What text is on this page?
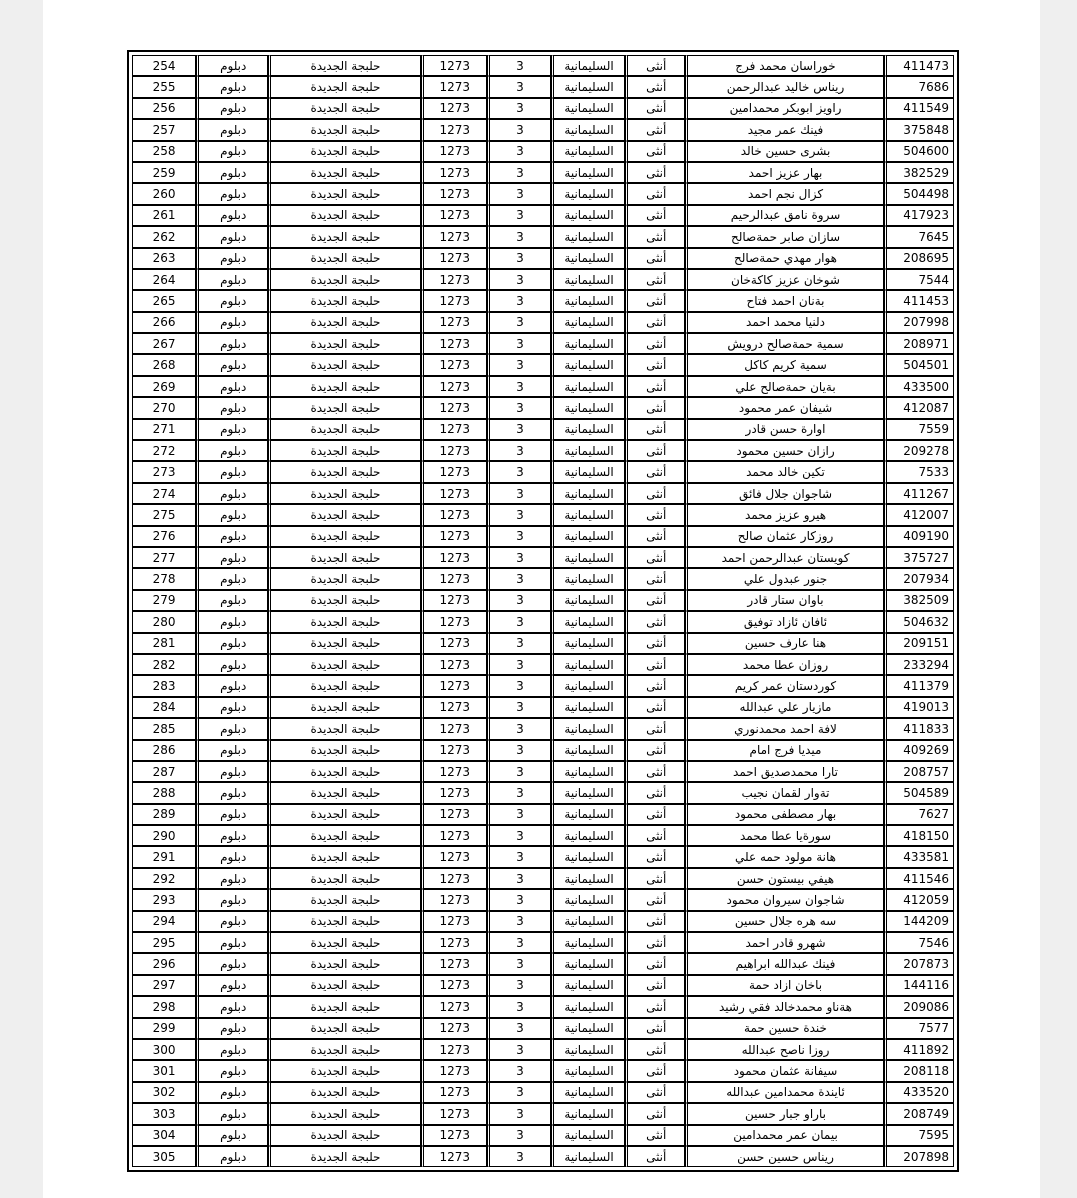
254	دبلوم	حلبجة الجديدة	1273	3	السليمانية	أنثى	خوراسان محمد فرج	411473
255	دبلوم	حلبجة الجديدة	1273	3	السليمانية	أنثى	ريناس خاليد عبدالرحمن	7686
256	دبلوم	حلبجة الجديدة	1273	3	السليمانية	أنثى	راويز ابوبكر محمدامين	411549
257	دبلوم	حلبجة الجديدة	1273	3	السليمانية	أنثى	فينك عمر مجيد	375848
258	دبلوم	حلبجة الجديدة	1273	3	السليمانية	أنثى	بشرى حسين خالد	504600
259	دبلوم	حلبجة الجديدة	1273	3	السليمانية	أنثى	بهار عزيز احمد	382529
260	دبلوم	حلبجة الجديدة	1273	3	السليمانية	أنثى	كزال نجم احمد	504498
261	دبلوم	حلبجة الجديدة	1273	3	السليمانية	أنثى	سروة نامق عبدالرحيم	417923
262	دبلوم	حلبجة الجديدة	1273	3	السليمانية	أنثى	سازان صابر حمةصالح	7645
263	دبلوم	حلبجة الجديدة	1273	3	السليمانية	أنثى	هوار مهدي حمةصالح	208695
264	دبلوم	حلبجة الجديدة	1273	3	السليمانية	أنثى	شوخان عزيز كاكةخان	7544
265	دبلوم	حلبجة الجديدة	1273	3	السليمانية	أنثى	بةنان احمد فتاح	411453
266	دبلوم	حلبجة الجديدة	1273	3	السليمانية	أنثى	دلنيا محمد احمد	207998
267	دبلوم	حلبجة الجديدة	1273	3	السليمانية	أنثى	سمية حمةصالح درويش	208971
268	دبلوم	حلبجة الجديدة	1273	3	السليمانية	أنثى	سمية كريم كاكل	504501
269	دبلوم	حلبجة الجديدة	1273	3	السليمانية	أنثى	بةيان حمةصالح علي	433500
270	دبلوم	حلبجة الجديدة	1273	3	السليمانية	أنثى	شيفان عمر محمود	412087
271	دبلوم	حلبجة الجديدة	1273	3	السليمانية	أنثى	اوارة حسن قادر	7559
272	دبلوم	حلبجة الجديدة	1273	3	السليمانية	أنثى	رازان حسين محمود	209278
273	دبلوم	حلبجة الجديدة	1273	3	السليمانية	أنثى	تكين خالد محمد	7533
274	دبلوم	حلبجة الجديدة	1273	3	السليمانية	أنثى	شاجوان جلال فائق	411267
275	دبلوم	حلبجة الجديدة	1273	3	السليمانية	أنثى	هيرو عزيز محمد	412007
276	دبلوم	حلبجة الجديدة	1273	3	السليمانية	أنثى	روزكار عثمان صالح	409190
277	دبلوم	حلبجة الجديدة	1273	3	السليمانية	أنثى	كويستان عبدالرحمن احمد	375727
278	دبلوم	حلبجة الجديدة	1273	3	السليمانية	أنثى	جنور عبدول علي	207934
279	دبلوم	حلبجة الجديدة	1273	3	السليمانية	أنثى	باوان ستار قادر	382509
280	دبلوم	حلبجة الجديدة	1273	3	السليمانية	أنثى	ئافان ئازاد توفيق	504632
281	دبلوم	حلبجة الجديدة	1273	3	السليمانية	أنثى	هنا عارف حسين	209151
282	دبلوم	حلبجة الجديدة	1273	3	السليمانية	أنثى	روزان عطا محمد	233294
283	دبلوم	حلبجة الجديدة	1273	3	السليمانية	أنثى	كوردستان عمر كريم	411379
284	دبلوم	حلبجة الجديدة	1273	3	السليمانية	أنثى	مازيار علي عبدالله	419013
285	دبلوم	حلبجة الجديدة	1273	3	السليمانية	أنثى	لافة احمد محمدنوري	411833
286	دبلوم	حلبجة الجديدة	1273	3	السليمانية	أنثى	ميديا فرج امام	409269
287	دبلوم	حلبجة الجديدة	1273	3	السليمانية	أنثى	تارا محمدصديق احمد	208757
288	دبلوم	حلبجة الجديدة	1273	3	السليمانية	أنثى	تةوار لقمان نجيب	504589
289	دبلوم	حلبجة الجديدة	1273	3	السليمانية	أنثى	بهار مصطفى محمود	7627
290	دبلوم	حلبجة الجديدة	1273	3	السليمانية	أنثى	سورةيا عطا محمد	418150
291	دبلوم	حلبجة الجديدة	1273	3	السليمانية	أنثى	هانة مولود حمه علي	433581
292	دبلوم	حلبجة الجديدة	1273	3	السليمانية	أنثى	هيفي بيستون حسن	411546
293	دبلوم	حلبجة الجديدة	1273	3	السليمانية	أنثى	شاجوان سيروان محمود	412059
294	دبلوم	حلبجة الجديدة	1273	3	السليمانية	أنثى	سه هره جلال حسين	144209
295	دبلوم	حلبجة الجديدة	1273	3	السليمانية	أنثى	شهرو قادر احمد	7546
296	دبلوم	حلبجة الجديدة	1273	3	السليمانية	أنثى	فينك عبدالله ابراهيم	207873
297	دبلوم	حلبجة الجديدة	1273	3	السليمانية	أنثى	باخان ازاد حمة	144116
298	دبلوم	حلبجة الجديدة	1273	3	السليمانية	أنثى	هةناو محمدخالد فقي رشيد	209086
299	دبلوم	حلبجة الجديدة	1273	3	السليمانية	أنثى	خندة حسين حمة	7577
300	دبلوم	حلبجة الجديدة	1273	3	السليمانية	أنثى	روزا ناصح عبدالله	411892
301	دبلوم	حلبجة الجديدة	1273	3	السليمانية	أنثى	سيفانة عثمان محمود	208118
302	دبلوم	حلبجة الجديدة	1273	3	السليمانية	أنثى	ئايندة محمدامين عبدالله	433520
303	دبلوم	حلبجة الجديدة	1273	3	السليمانية	أنثى	باراو جبار حسين	208749
304	دبلوم	حلبجة الجديدة	1273	3	السليمانية	أنثى	بيمان عمر محمدامين	7595
305	دبلوم	حلبجة الجديدة	1273	3	السليمانية	أنثى	ريناس حسين حسن	207898
